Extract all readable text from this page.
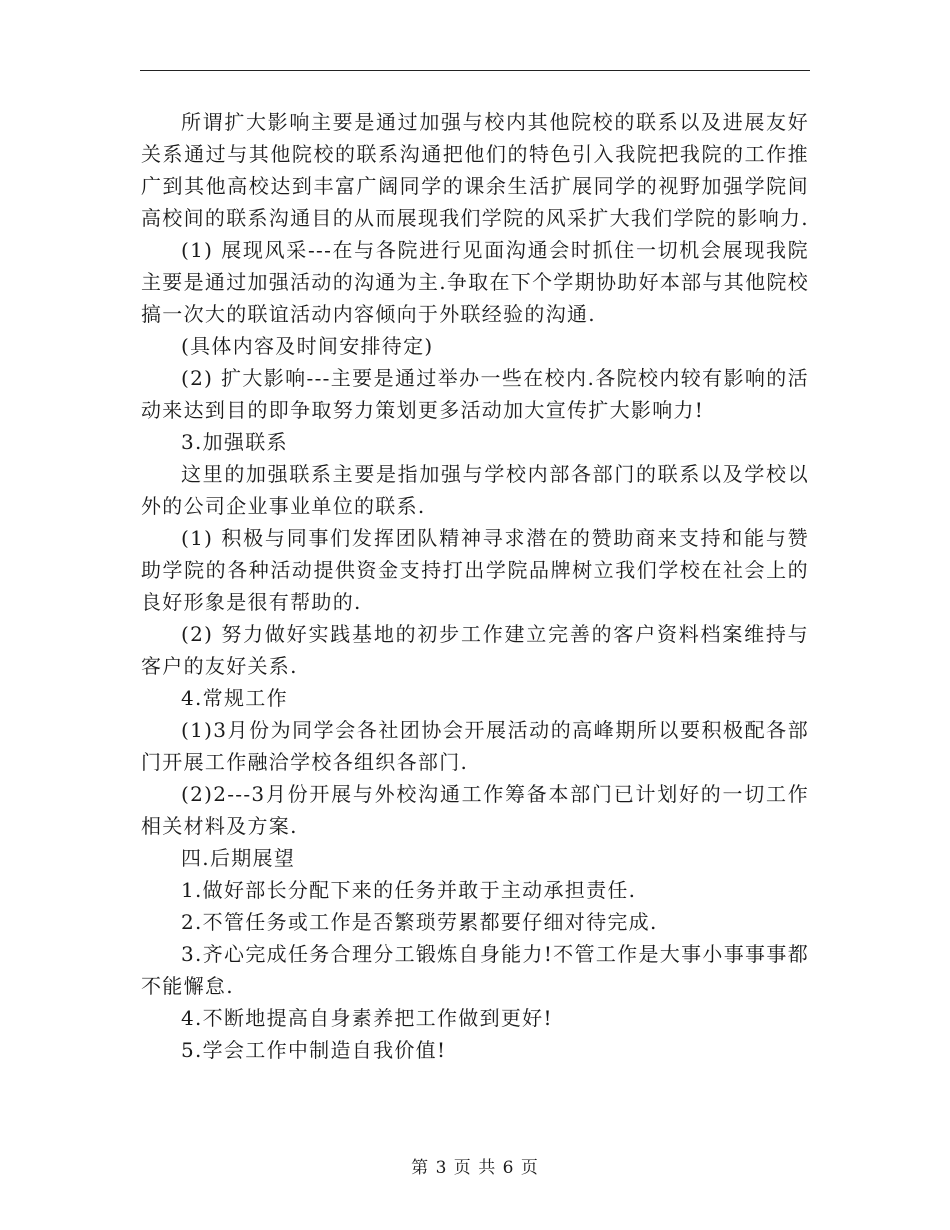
所谓扩大影响主要是通过加强与校内其他院校的联系以及进展友好关系通过与其他院校的联系沟通把他们的特色引入我院把我院的工作推广到其他高校达到丰富广阔同学的课余生活扩展同学的视野加强学院间高校间的联系沟通目的从而展现我们学院的风采扩大我们学院的影响力.

(1) 展现风采---在与各院进行见面沟通会时抓住一切机会展现我院主要是通过加强活动的沟通为主.争取在下个学期协助好本部与其他院校搞一次大的联谊活动内容倾向于外联经验的沟通.

(具体内容及时间安排待定)

(2) 扩大影响---主要是通过举办一些在校内.各院校内较有影响的活动来达到目的即争取努力策划更多活动加大宣传扩大影响力!

3.加强联系

这里的加强联系主要是指加强与学校内部各部门的联系以及学校以外的公司企业事业单位的联系.

(1) 积极与同事们发挥团队精神寻求潜在的赞助商来支持和能与赞助学院的各种活动提供资金支持打出学院品牌树立我们学校在社会上的良好形象是很有帮助的.

(2) 努力做好实践基地的初步工作建立完善的客户资料档案维持与客户的友好关系.

4.常规工作

(1)3月份为同学会各社团协会开展活动的高峰期所以要积极配各部门开展工作融洽学校各组织各部门.

(2)2---3月份开展与外校沟通工作筹备本部门已计划好的一切工作相关材料及方案.

四.后期展望

1.做好部长分配下来的任务并敢于主动承担责任.

2.不管任务或工作是否繁琐劳累都要仔细对待完成.

3.齐心完成任务合理分工锻炼自身能力!不管工作是大事小事事事都不能懈怠.

4.不断地提高自身素养把工作做到更好!

5.学会工作中制造自我价值!

第 3 页 共 6 页
